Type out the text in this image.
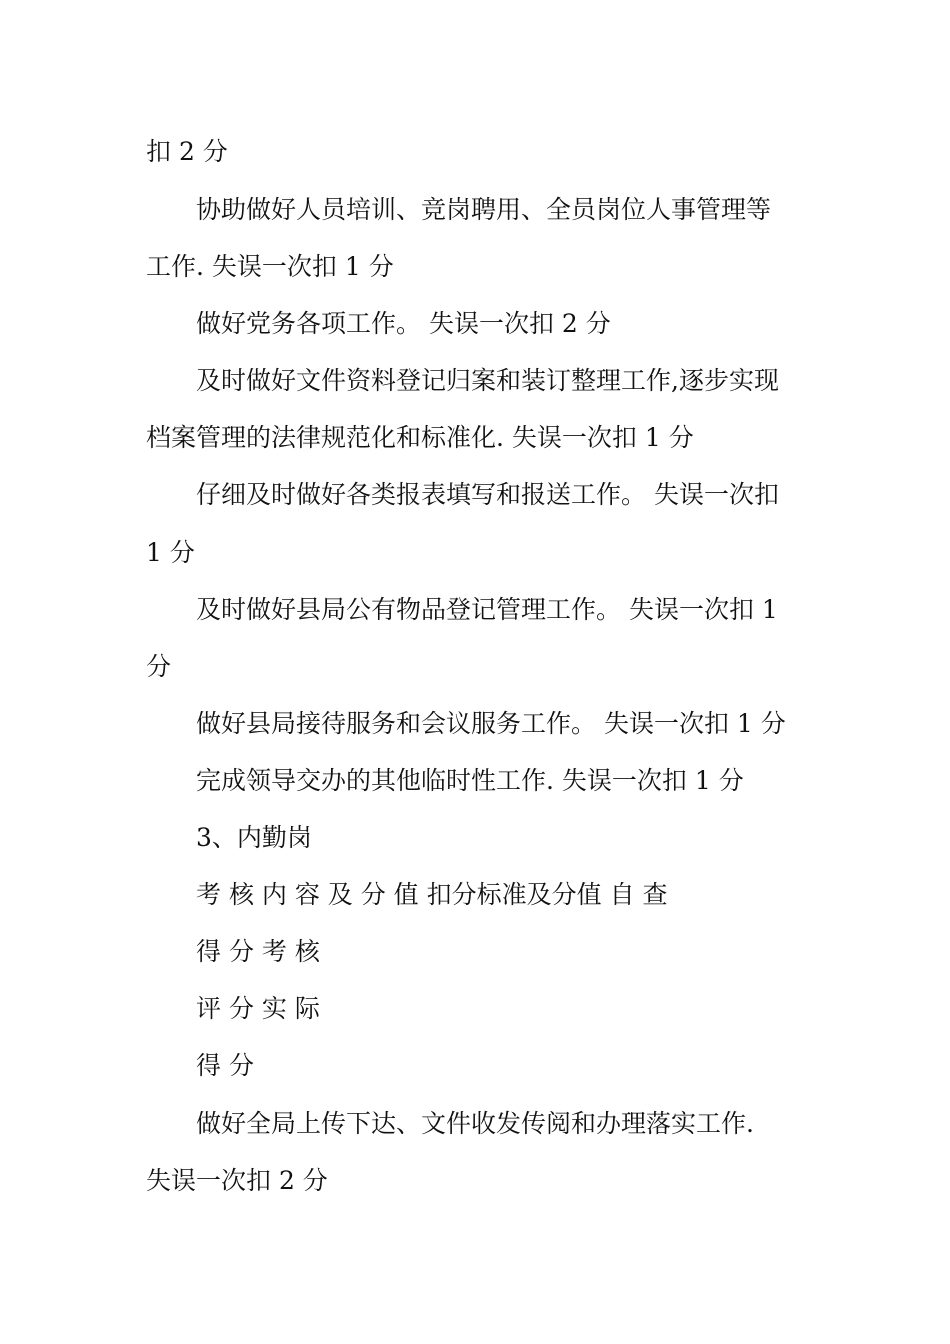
扣 2 分
协助做好人员培训、竞岗聘用、全员岗位人事管理等
工作. 失误一次扣 1 分
做好党务各项工作。 失误一次扣 2 分
及时做好文件资料登记归案和装订整理工作,逐步实现
档案管理的法律规范化和标准化. 失误一次扣 1 分
仔细及时做好各类报表填写和报送工作。 失误一次扣
1 分
及时做好县局公有物品登记管理工作。 失误一次扣 1
分
做好县局接待服务和会议服务工作。 失误一次扣 1 分
完成领导交办的其他临时性工作. 失误一次扣 1 分
3、内勤岗
考 核 内 容 及 分 值 扣分标准及分值 自 查
得 分 考 核
评 分 实 际
得 分
做好全局上传下达、文件收发传阅和办理落实工作.
失误一次扣 2 分
